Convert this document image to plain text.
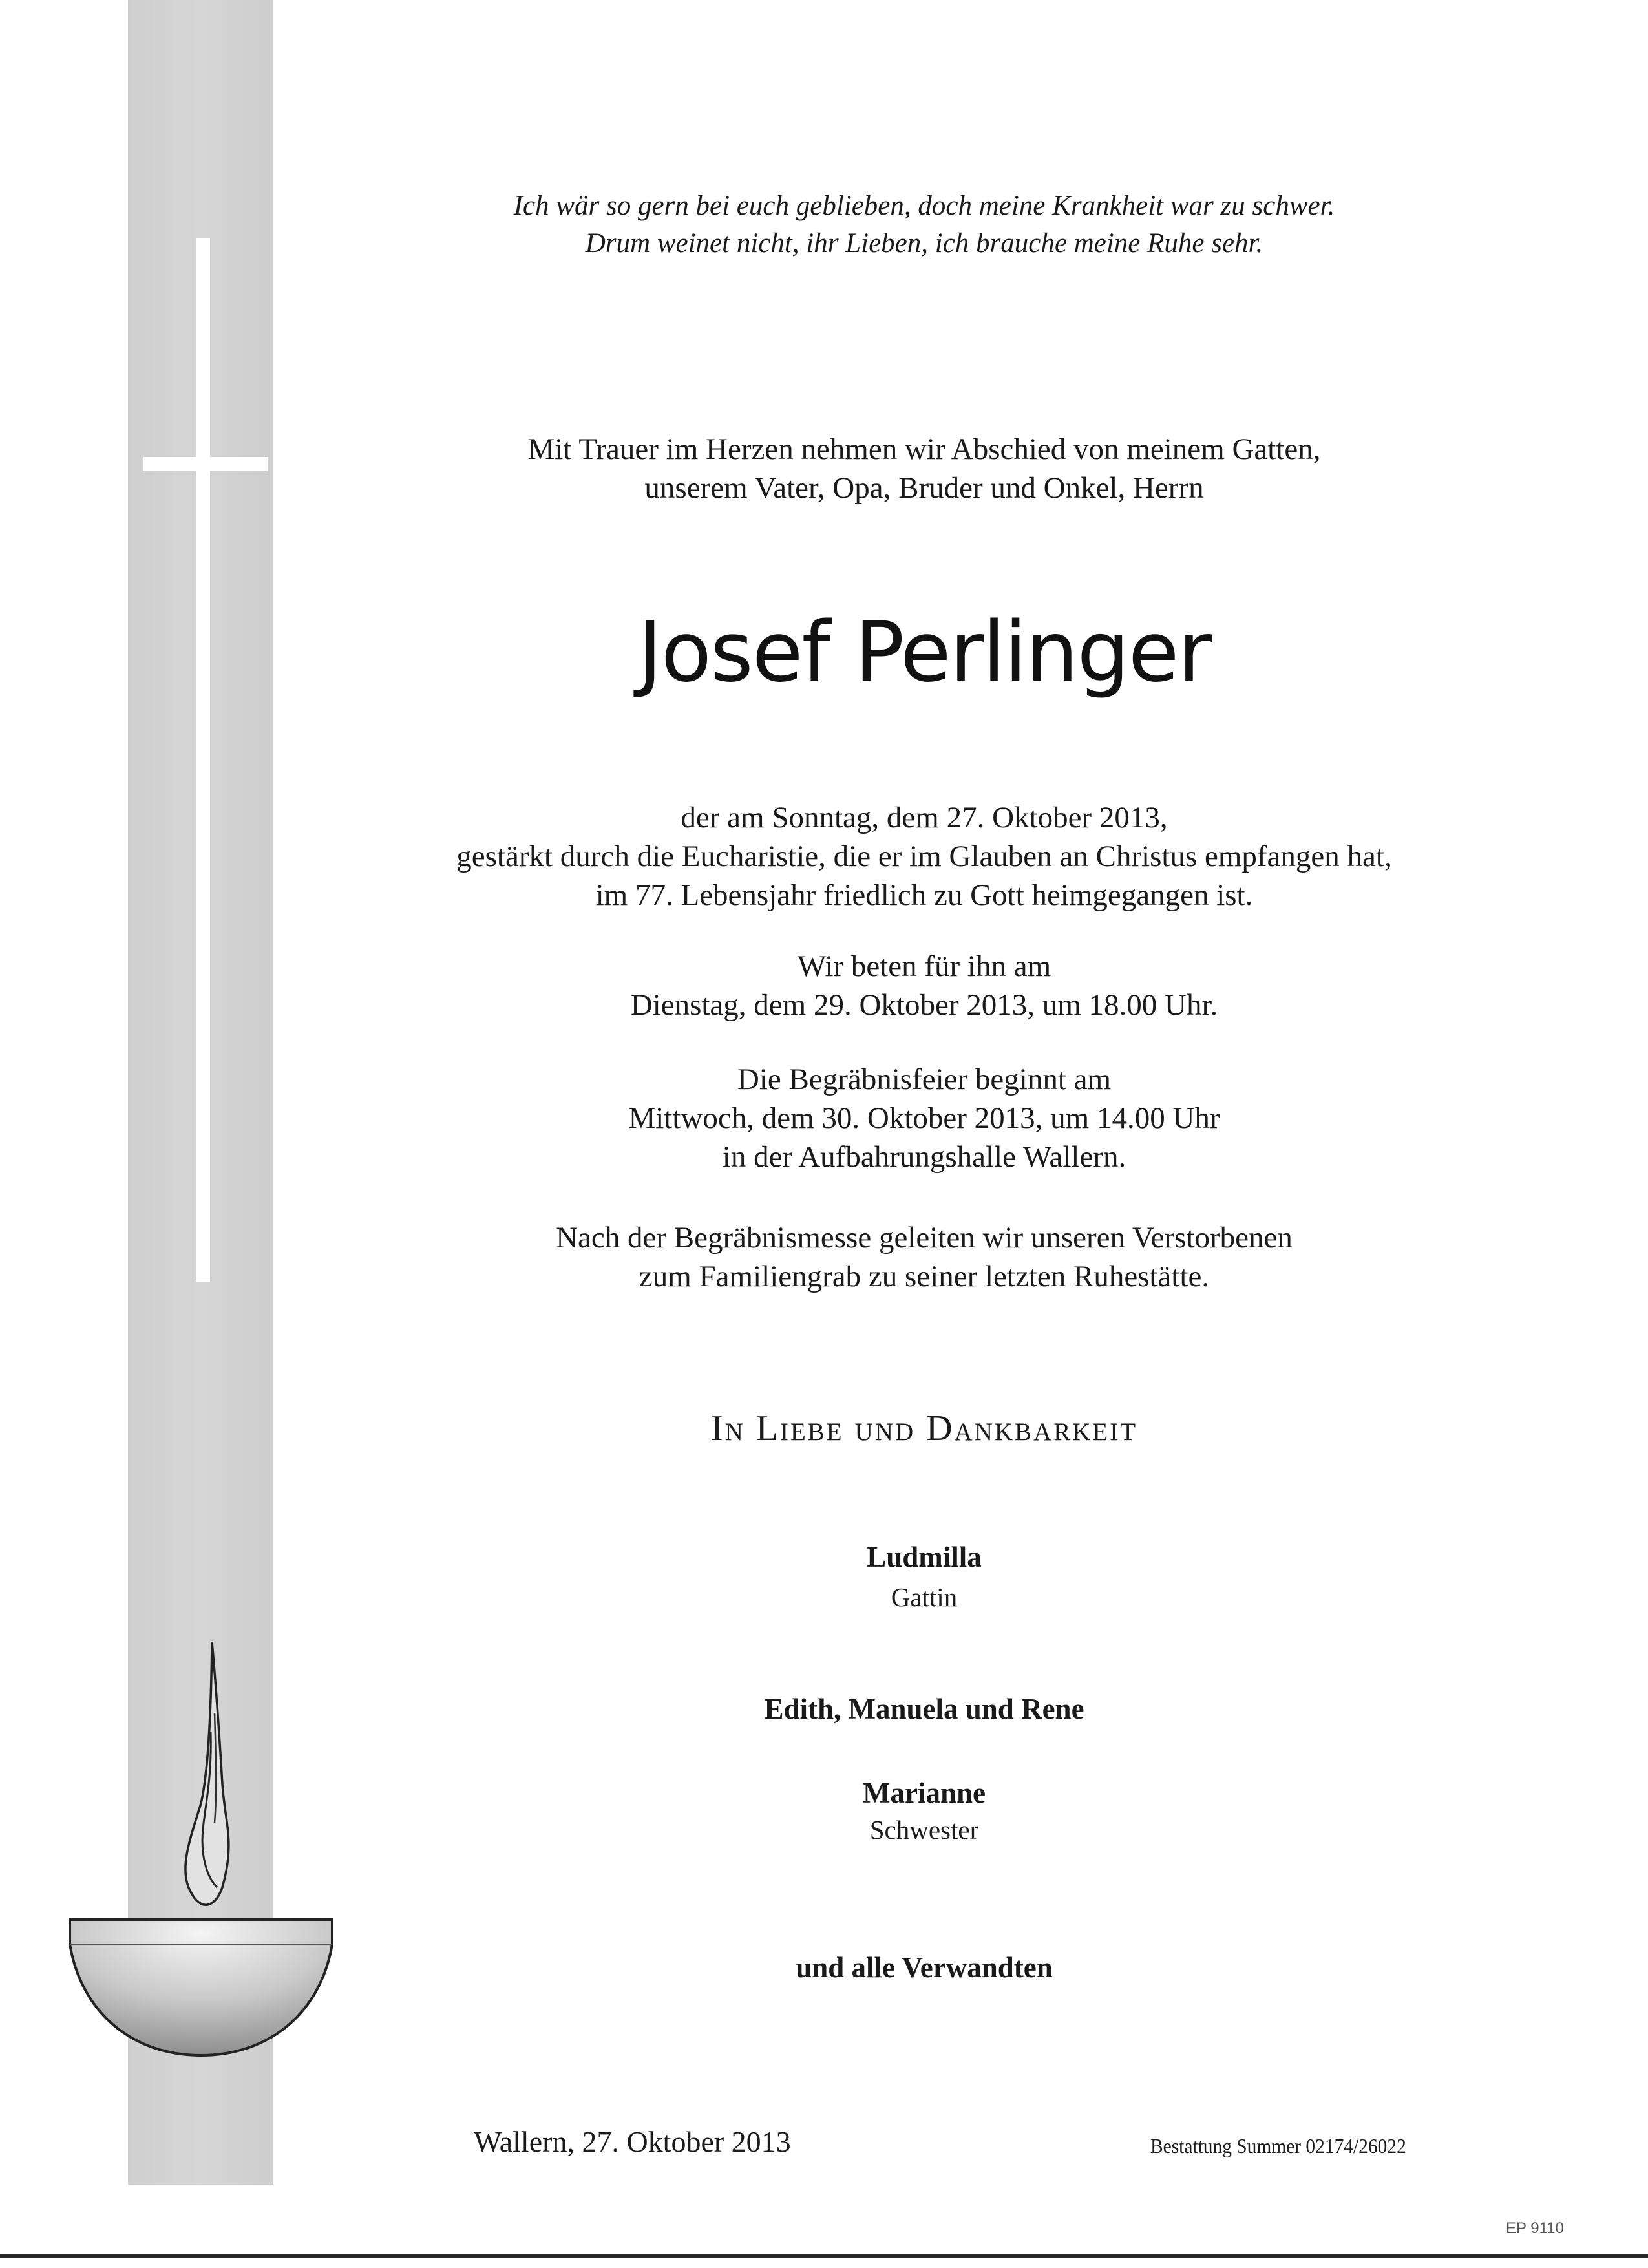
Ich wär so gern bei euch geblieben, doch meine Krankheit war zu schwer.
Drum weinet nicht, ihr Lieben, ich brauche meine Ruhe sehr.
Mit Trauer im Herzen nehmen wir Abschied von meinem Gatten,
unserem Vater, Opa, Bruder und Onkel, Herrn
Josef Perlinger
der am Sonntag, dem 27. Oktober 2013,
gestärkt durch die Eucharistie, die er im Glauben an Christus empfangen hat,
im 77. Lebensjahr friedlich zu Gott heimgegangen ist.
Wir beten für ihn am
Dienstag, dem 29. Oktober 2013, um 18.00 Uhr.
Die Begräbnisfeier beginnt am
Mittwoch, dem 30. Oktober 2013, um 14.00 Uhr
in der Aufbahrungshalle Wallern.
Nach der Begräbnismesse geleiten wir unseren Verstorbenen
zum Familiengrab zu seiner letzten Ruhestätte.
In Liebe und Dankbarkeit
Ludmilla
Gattin
Edith, Manuela und Rene
Marianne
Schwester
und alle Verwandten
Wallern, 27. Oktober 2013	Bestattung Summer 02174/26022
EP 9110
